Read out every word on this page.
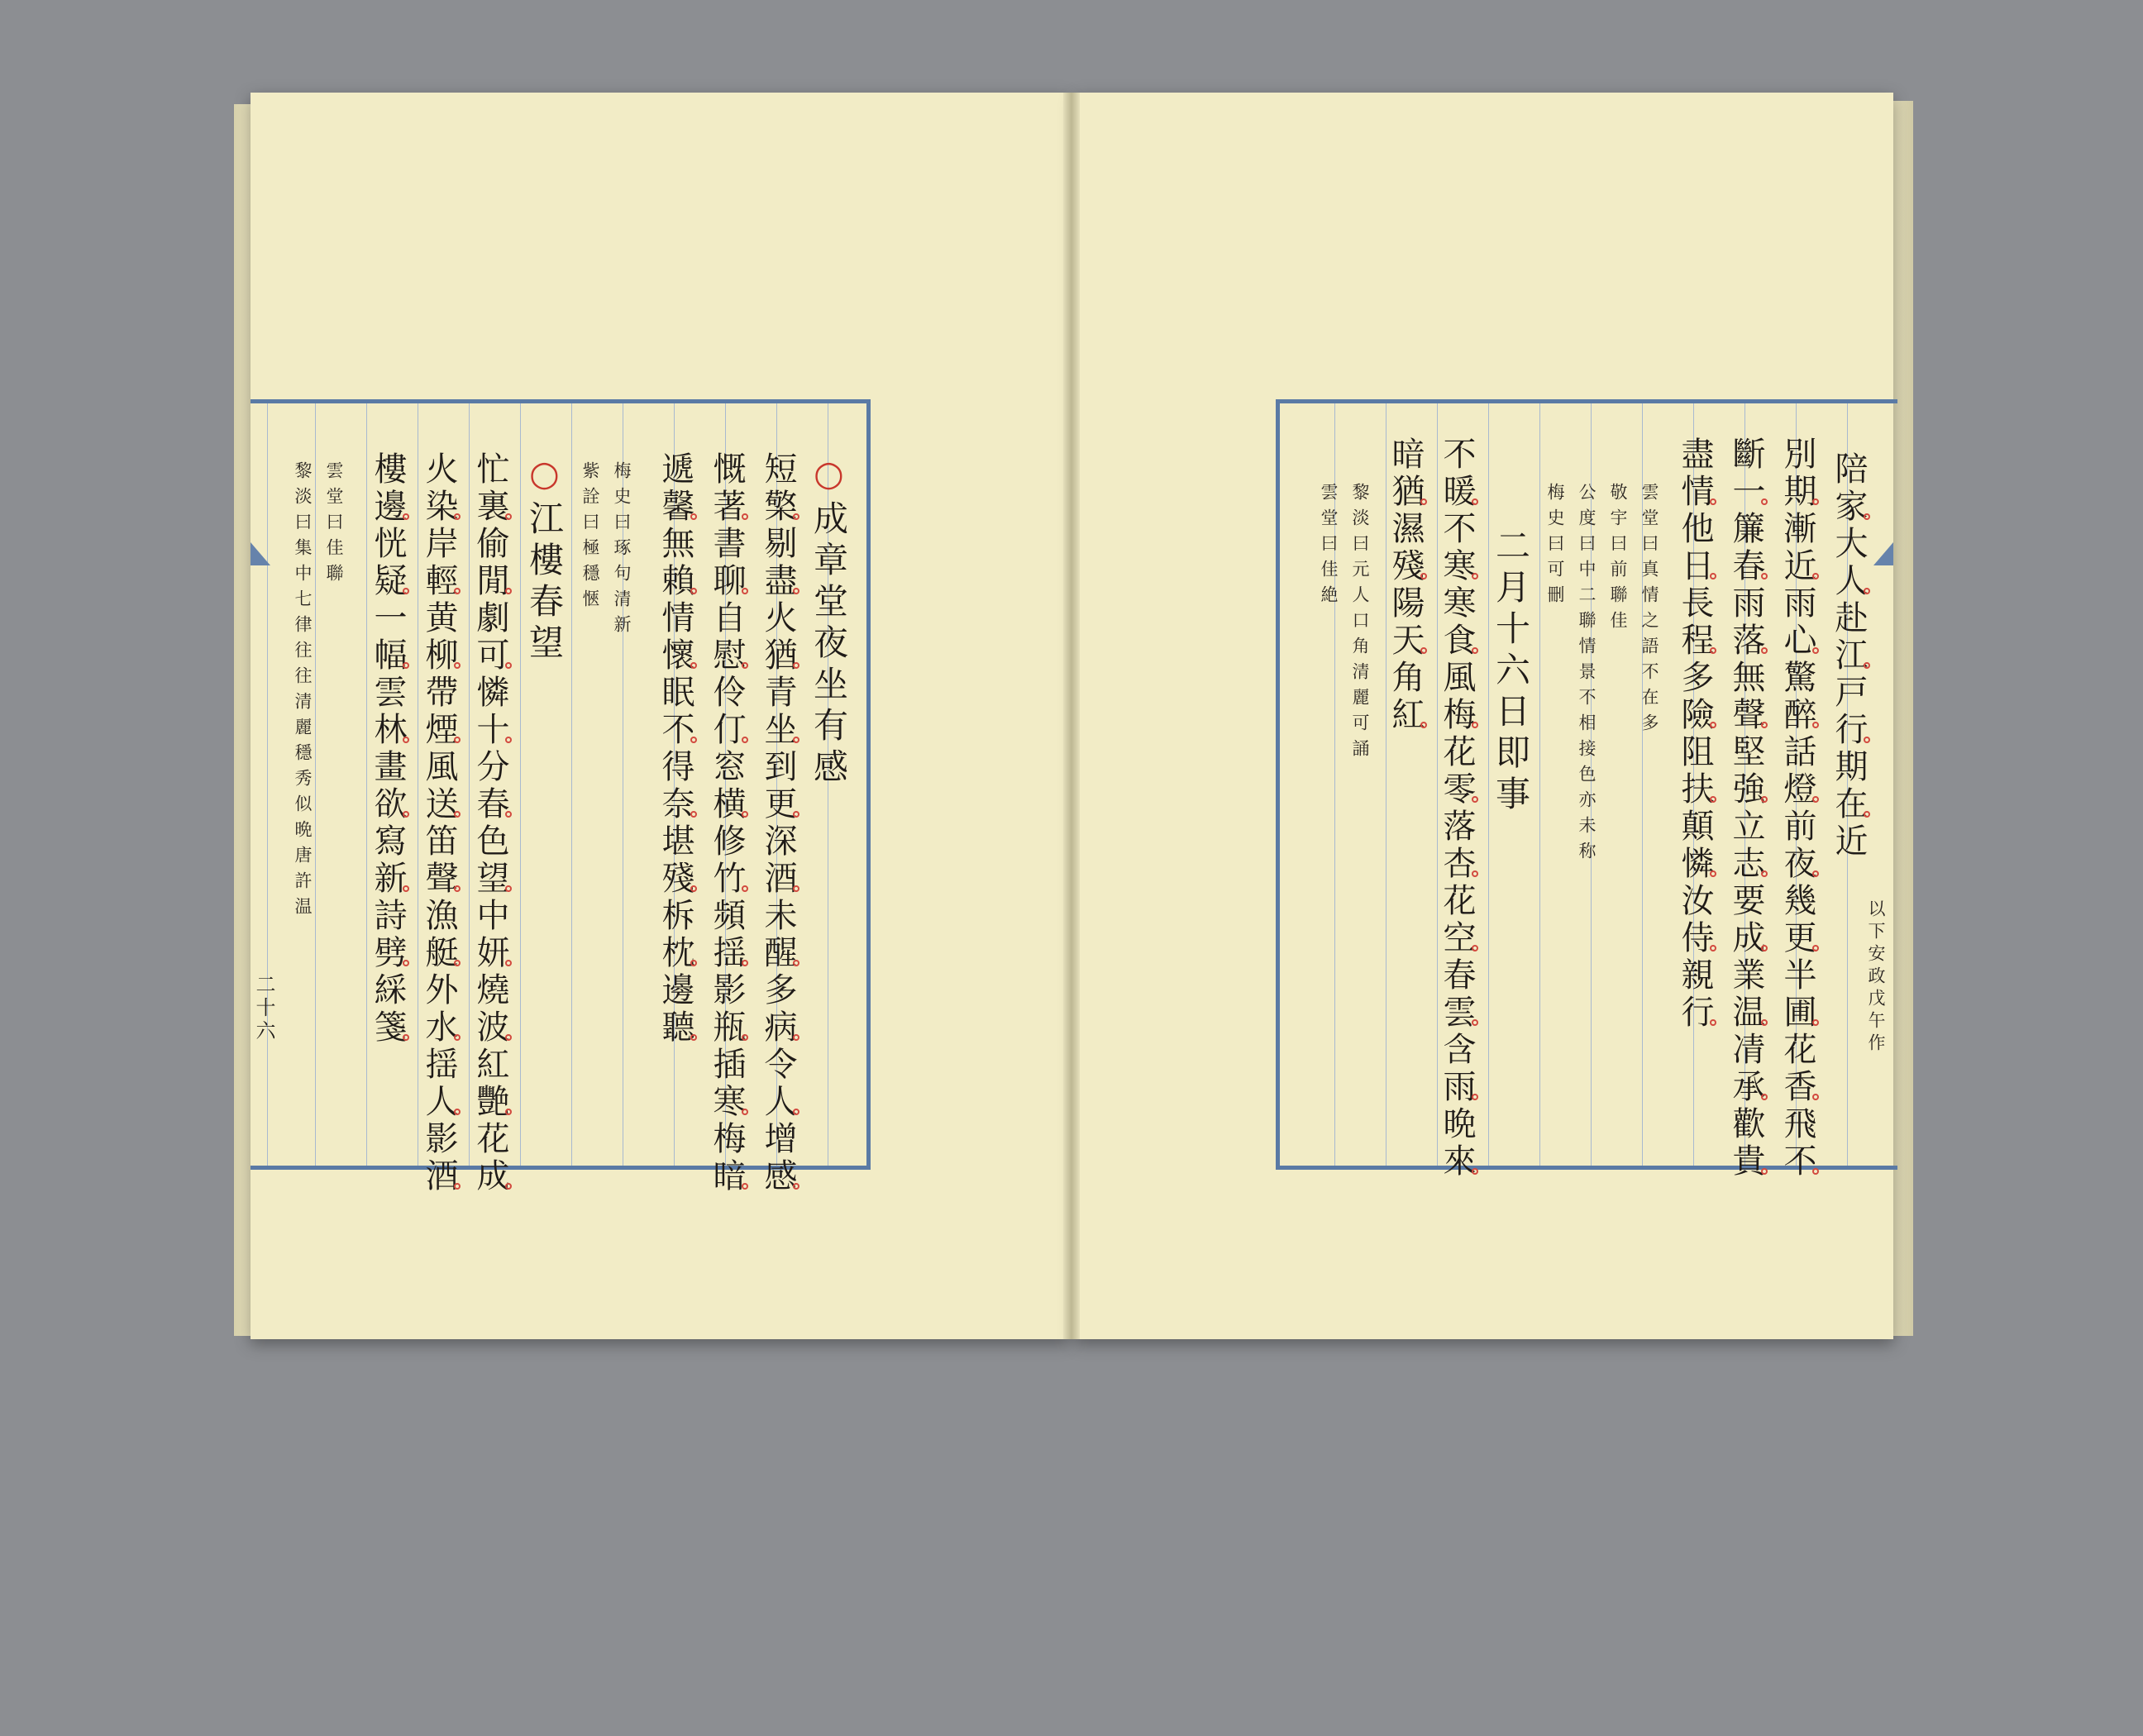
○成章堂夜坐有感

短檠剔盡火猶青坐到更深酒未醒多病令人增感

慨著書聊自慰伶仃窓横修竹頻揺影瓶插寒梅暗

遞馨無賴情懷眠不得奈堪殘柝枕邊聽

梅史曰琢句清新

紫詮曰極穩愜

○江樓春望

忙裏偷閒劇可憐十分春色望中妍燒波紅艷花成

火染岸輕黄柳帶煙風送笛聲漁艇外水揺人影酒

樓邊恍疑一幅雲林畫欲寫新詩劈綵箋

雲堂曰佳聯

黎淡曰集中七律往往清麗穩秀似晩唐許温

二十六

陪家大人赴江戸行期在近

以下安政戊午作

別期漸近雨心驚醉話燈前夜幾更半圃花香飛不

斷一簾春雨落無聲堅強立志要成業温凊承歡貴

盡情他日長程多險阻扶顛憐汝侍親行

雲堂曰真情之語不在多

敬宇曰前聯佳

公度曰中二聯情景不相接色亦未称

梅史曰可刪

二月十六日即事

不暖不寒寒食風梅花零落杏花空春雲含雨晩來

暗猶濕殘陽天角紅

黎淡曰元人口角清麗可誦

雲堂曰佳絶
